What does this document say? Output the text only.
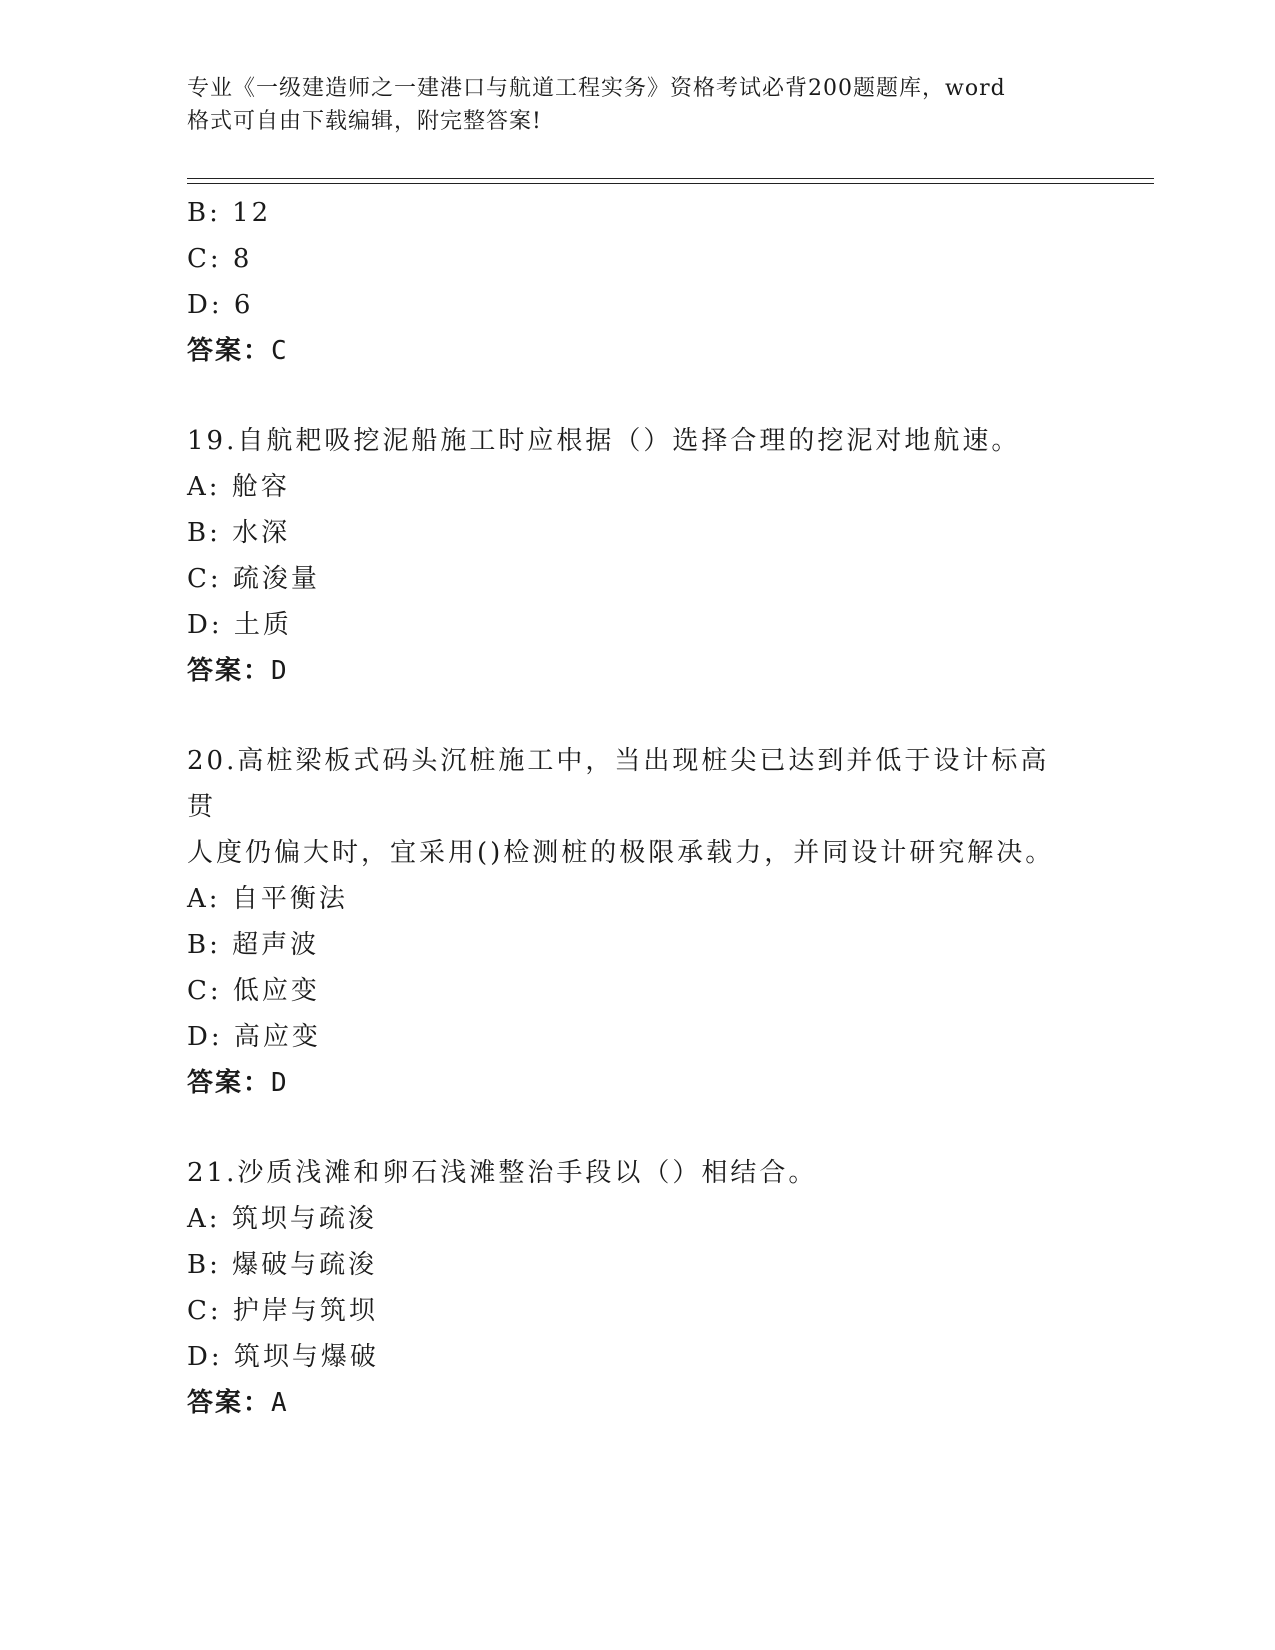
专业《一级建造师之一建港口与航道工程实务》资格考试必背200题题库，word
格式可自由下载编辑，附完整答案!
B: 12
C: 8
D: 6
答案：C
19.自航耙吸挖泥船施工时应根据（）选择合理的挖泥对地航速。
A: 舱容
B: 水深
C: 疏浚量
D: 土质
答案：D
20.高桩梁板式码头沉桩施工中，当出现桩尖已达到并低于设计标高贯
人度仍偏大时，宜采用()检测桩的极限承载力，并同设计研究解决。
A: 自平衡法
B: 超声波
C: 低应变
D: 高应变
答案：D
21.沙质浅滩和卵石浅滩整治手段以（）相结合。
A: 筑坝与疏浚
B: 爆破与疏浚
C: 护岸与筑坝
D: 筑坝与爆破
答案：A
